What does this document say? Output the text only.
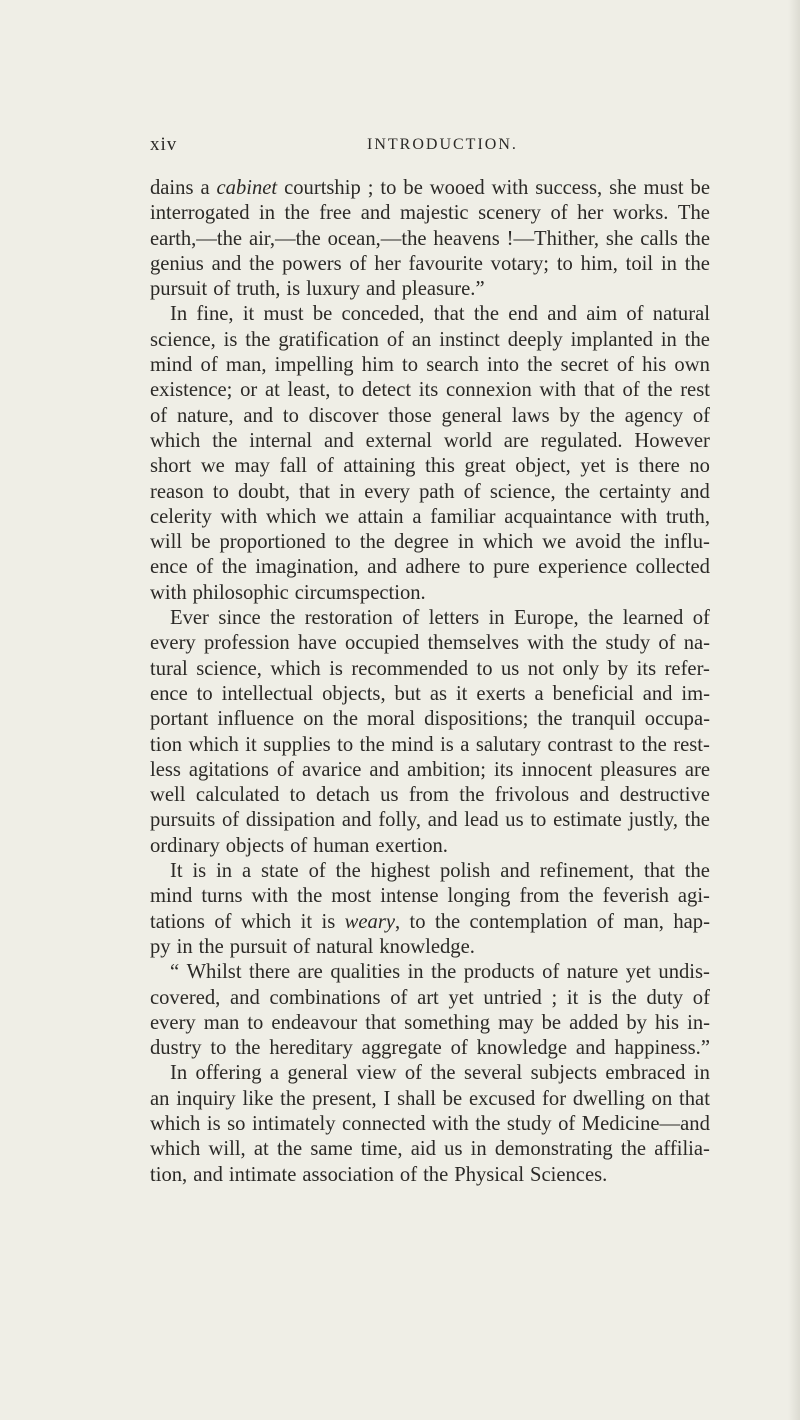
xiv	INTRODUCTION.
dains a cabinet courtship ; to be wooed with success, she must be
interrogated in the free and majestic scenery of her works. The
earth,—the air,—the ocean,—the heavens !—Thither, she calls the
genius and the powers of her favourite votary; to him, toil in the
pursuit of truth, is luxury and pleasure.”
In fine, it must be conceded, that the end and aim of natural
science, is the gratification of an instinct deeply implanted in the
mind of man, impelling him to search into the secret of his own
existence; or at least, to detect its connexion with that of the rest
of nature, and to discover those general laws by the agency of
which the internal and external world are regulated. However
short we may fall of attaining this great object, yet is there no
reason to doubt, that in every path of science, the certainty and
celerity with which we attain a familiar acquaintance with truth,
will be proportioned to the degree in which we avoid the influ-
ence of the imagination, and adhere to pure experience collected
with philosophic circumspection.
Ever since the restoration of letters in Europe, the learned of
every profession have occupied themselves with the study of na-
tural science, which is recommended to us not only by its refer-
ence to intellectual objects, but as it exerts a beneficial and im-
portant influence on the moral dispositions; the tranquil occupa-
tion which it supplies to the mind is a salutary contrast to the rest-
less agitations of avarice and ambition; its innocent pleasures are
well calculated to detach us from the frivolous and destructive
pursuits of dissipation and folly, and lead us to estimate justly, the
ordinary objects of human exertion.
It is in a state of the highest polish and refinement, that the
mind turns with the most intense longing from the feverish agi-
tations of which it is weary, to the contemplation of man, hap-
py in the pursuit of natural knowledge.
“ Whilst there are qualities in the products of nature yet undis-
covered, and combinations of art yet untried ; it is the duty of
every man to endeavour that something may be added by his in-
dustry to the hereditary aggregate of knowledge and happiness.”
In offering a general view of the several subjects embraced in
an inquiry like the present, I shall be excused for dwelling on that
which is so intimately connected with the study of Medicine—and
which will, at the same time, aid us in demonstrating the affilia-
tion, and intimate association of the Physical Sciences.
